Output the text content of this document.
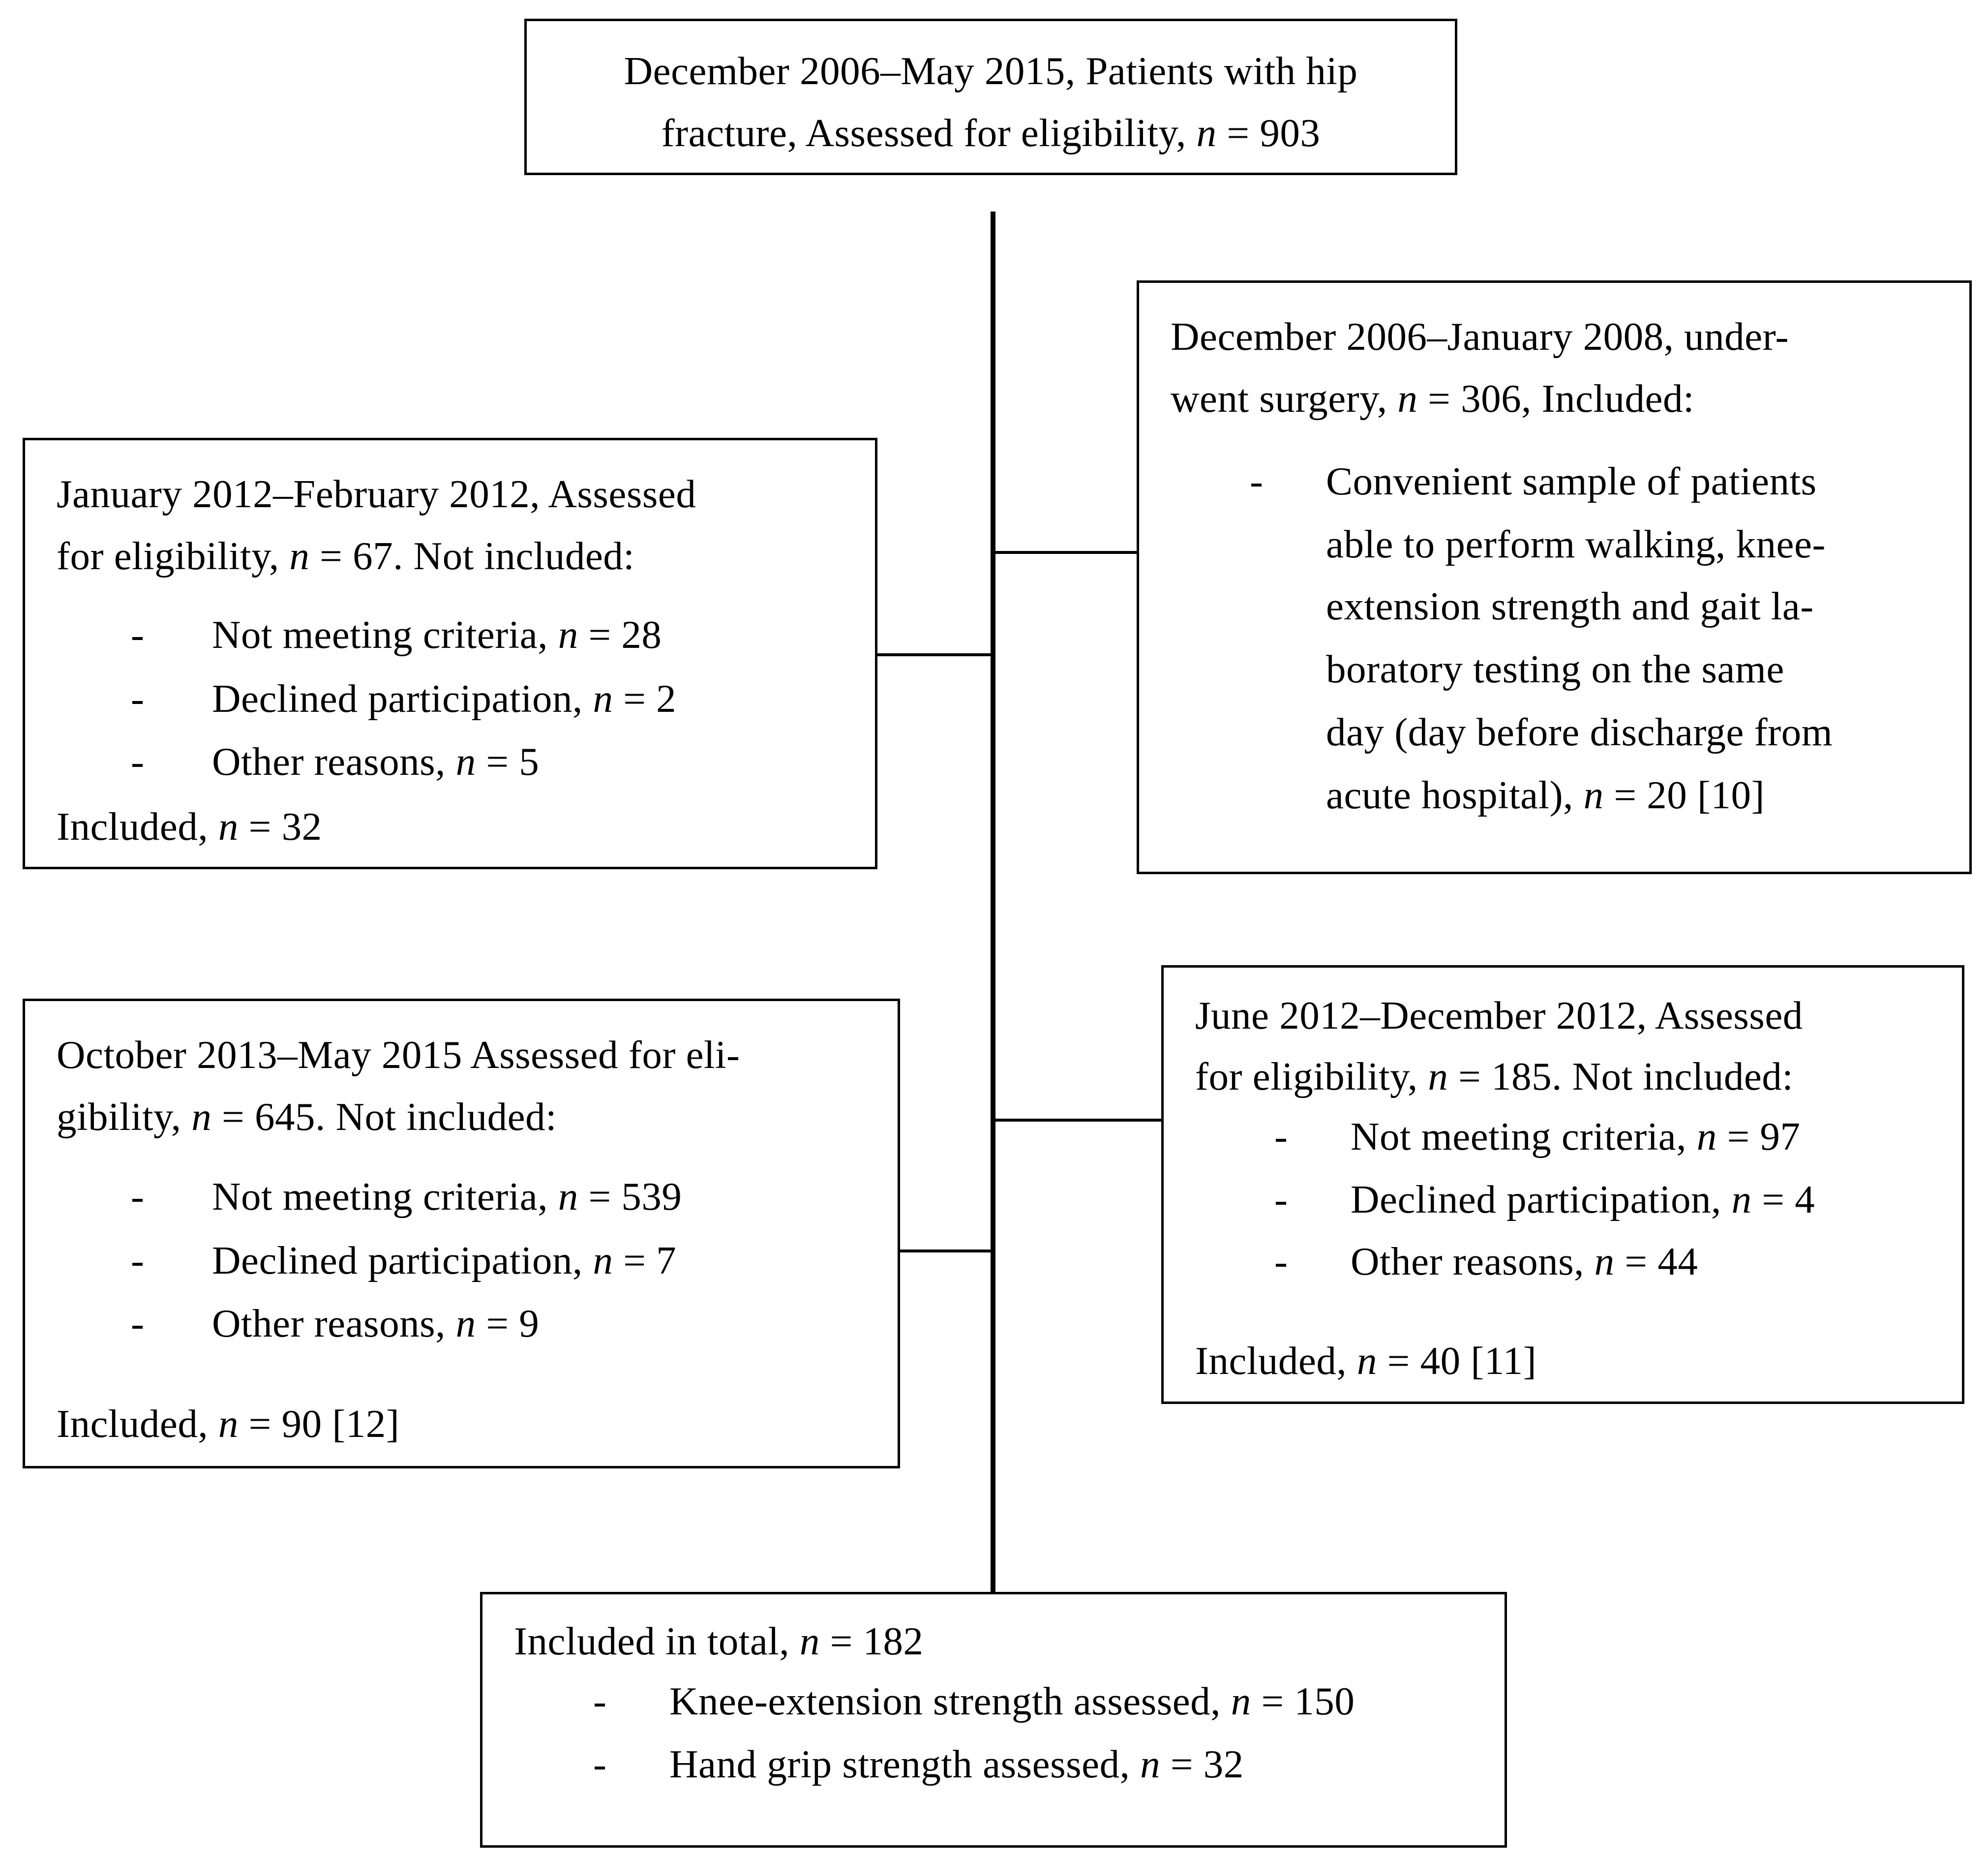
December 2006–May 2015, Patients with hip
fracture, Assessed for eligibility, n = 903
January 2012–February 2012, Assessed
for eligibility, n = 67. Not included:
- Not meeting criteria, n = 28
- Declined participation, n = 2
- Other reasons, n = 5
Included, n = 32
December 2006–January 2008, under-
went surgery, n = 306, Included:
- Convenient sample of patients
able to perform walking, knee-
extension strength and gait la-
boratory testing on the same
day (day before discharge from
acute hospital), n = 20 [10]
October 2013–May 2015 Assessed for eli-
gibility, n = 645. Not included:
- Not meeting criteria, n = 539
- Declined participation, n = 7
- Other reasons, n = 9
Included, n = 90 [12]
June 2012–December 2012, Assessed
for eligibility, n = 185. Not included:
- Not meeting criteria, n = 97
- Declined participation, n = 4
- Other reasons, n = 44
Included, n = 40 [11]
Included in total, n = 182
- Knee-extension strength assessed, n = 150
- Hand grip strength assessed, n = 32
